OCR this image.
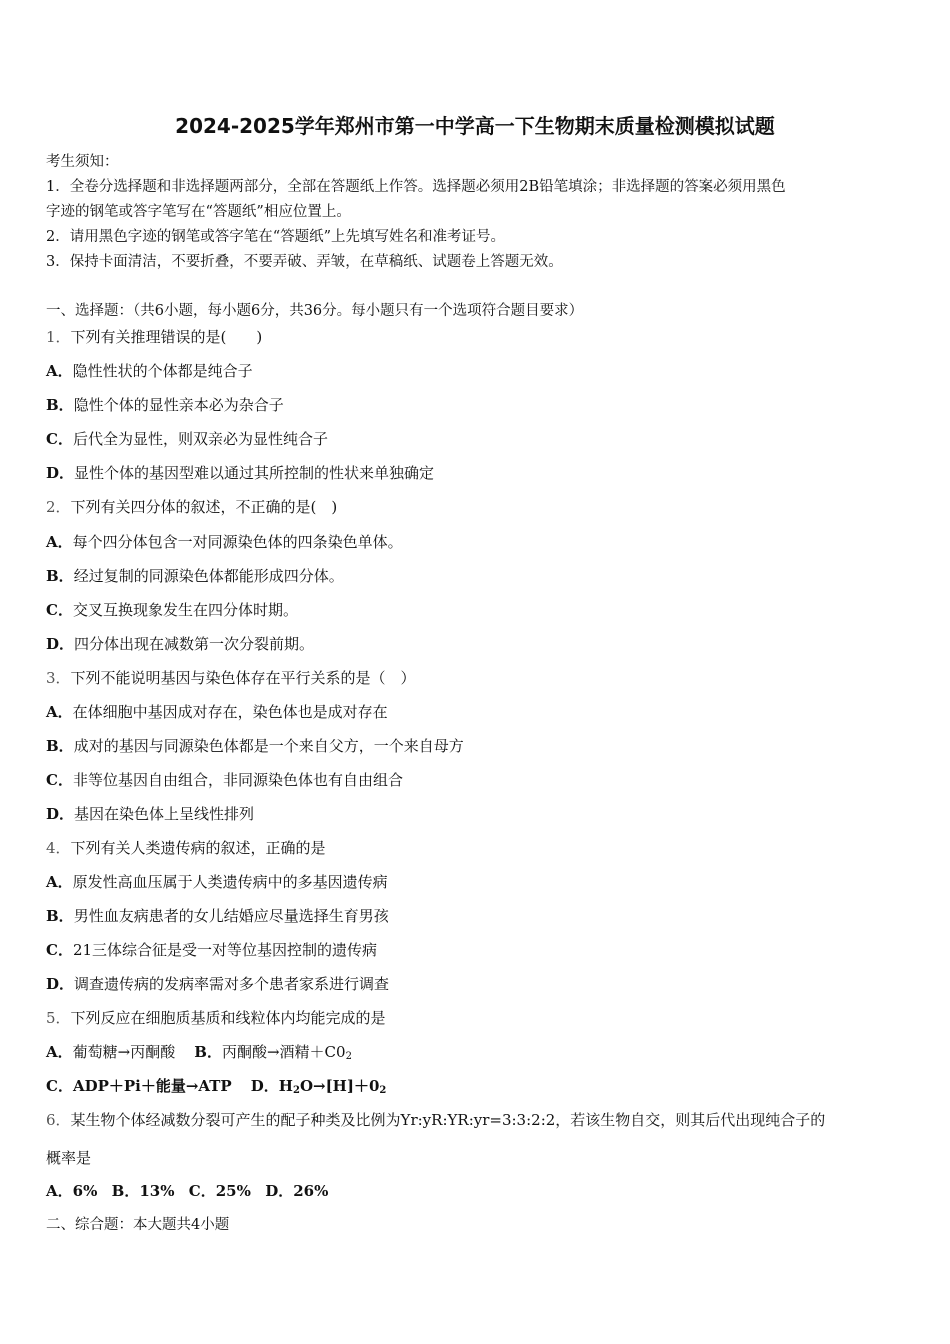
2024-2025学年郑州市第一中学高一下生物期末质量检测模拟试题
考生须知：
1．全卷分选择题和非选择题两部分，全部在答题纸上作答。选择题必须用2B铅笔填涂；非选择题的答案必须用黑色
字迹的钢笔或答字笔写在“答题纸”相应位置上。
2．请用黑色字迹的钢笔或答字笔在“答题纸”上先填写姓名和准考证号。
3．保持卡面清洁，不要折叠，不要弄破、弄皱，在草稿纸、试题卷上答题无效。
一、选择题：（共6小题，每小题6分，共36分。每小题只有一个选项符合题目要求）
1．下列有关推理错误的是(　　)
A．隐性性状的个体都是纯合子
B．隐性个体的显性亲本必为杂合子
C．后代全为显性，则双亲必为显性纯合子
D．显性个体的基因型难以通过其所控制的性状来单独确定
2．下列有关四分体的叙述，不正确的是(　)
A．每个四分体包含一对同源染色体的四条染色单体。
B．经过复制的同源染色体都能形成四分体。
C．交叉互换现象发生在四分体时期。
D．四分体出现在减数第一次分裂前期。
3．下列不能说明基因与染色体存在平行关系的是（　）
A．在体细胞中基因成对存在，染色体也是成对存在
B．成对的基因与同源染色体都是一个来自父方，一个来自母方
C．非等位基因自由组合，非同源染色体也有自由组合
D．基因在染色体上呈线性排列
4．下列有关人类遗传病的叙述，正确的是
A．原发性高血压属于人类遗传病中的多基因遗传病
B．男性血友病患者的女儿结婚应尽量选择生育男孩
C．21三体综合征是受一对等位基因控制的遗传病
D．调查遗传病的发病率需对多个患者家系进行调查
5．下列反应在细胞质基质和线粒体内均能完成的是
A．葡萄糖→丙酮酸 B．丙酮酸→酒精$+C0_2$
C．ADP＋Pi＋能量→ATP D．$H_2O\to[H]+0_2$
6．某生物个体经减数分裂可产生的配子种类及比例为Yr:yR:YR:yr=3:3:2:2，若该生物自交，则其后代出现纯合子的
概率是
A．6% B．13% C．25% D．26%
二、综合题：本大题共4小题
